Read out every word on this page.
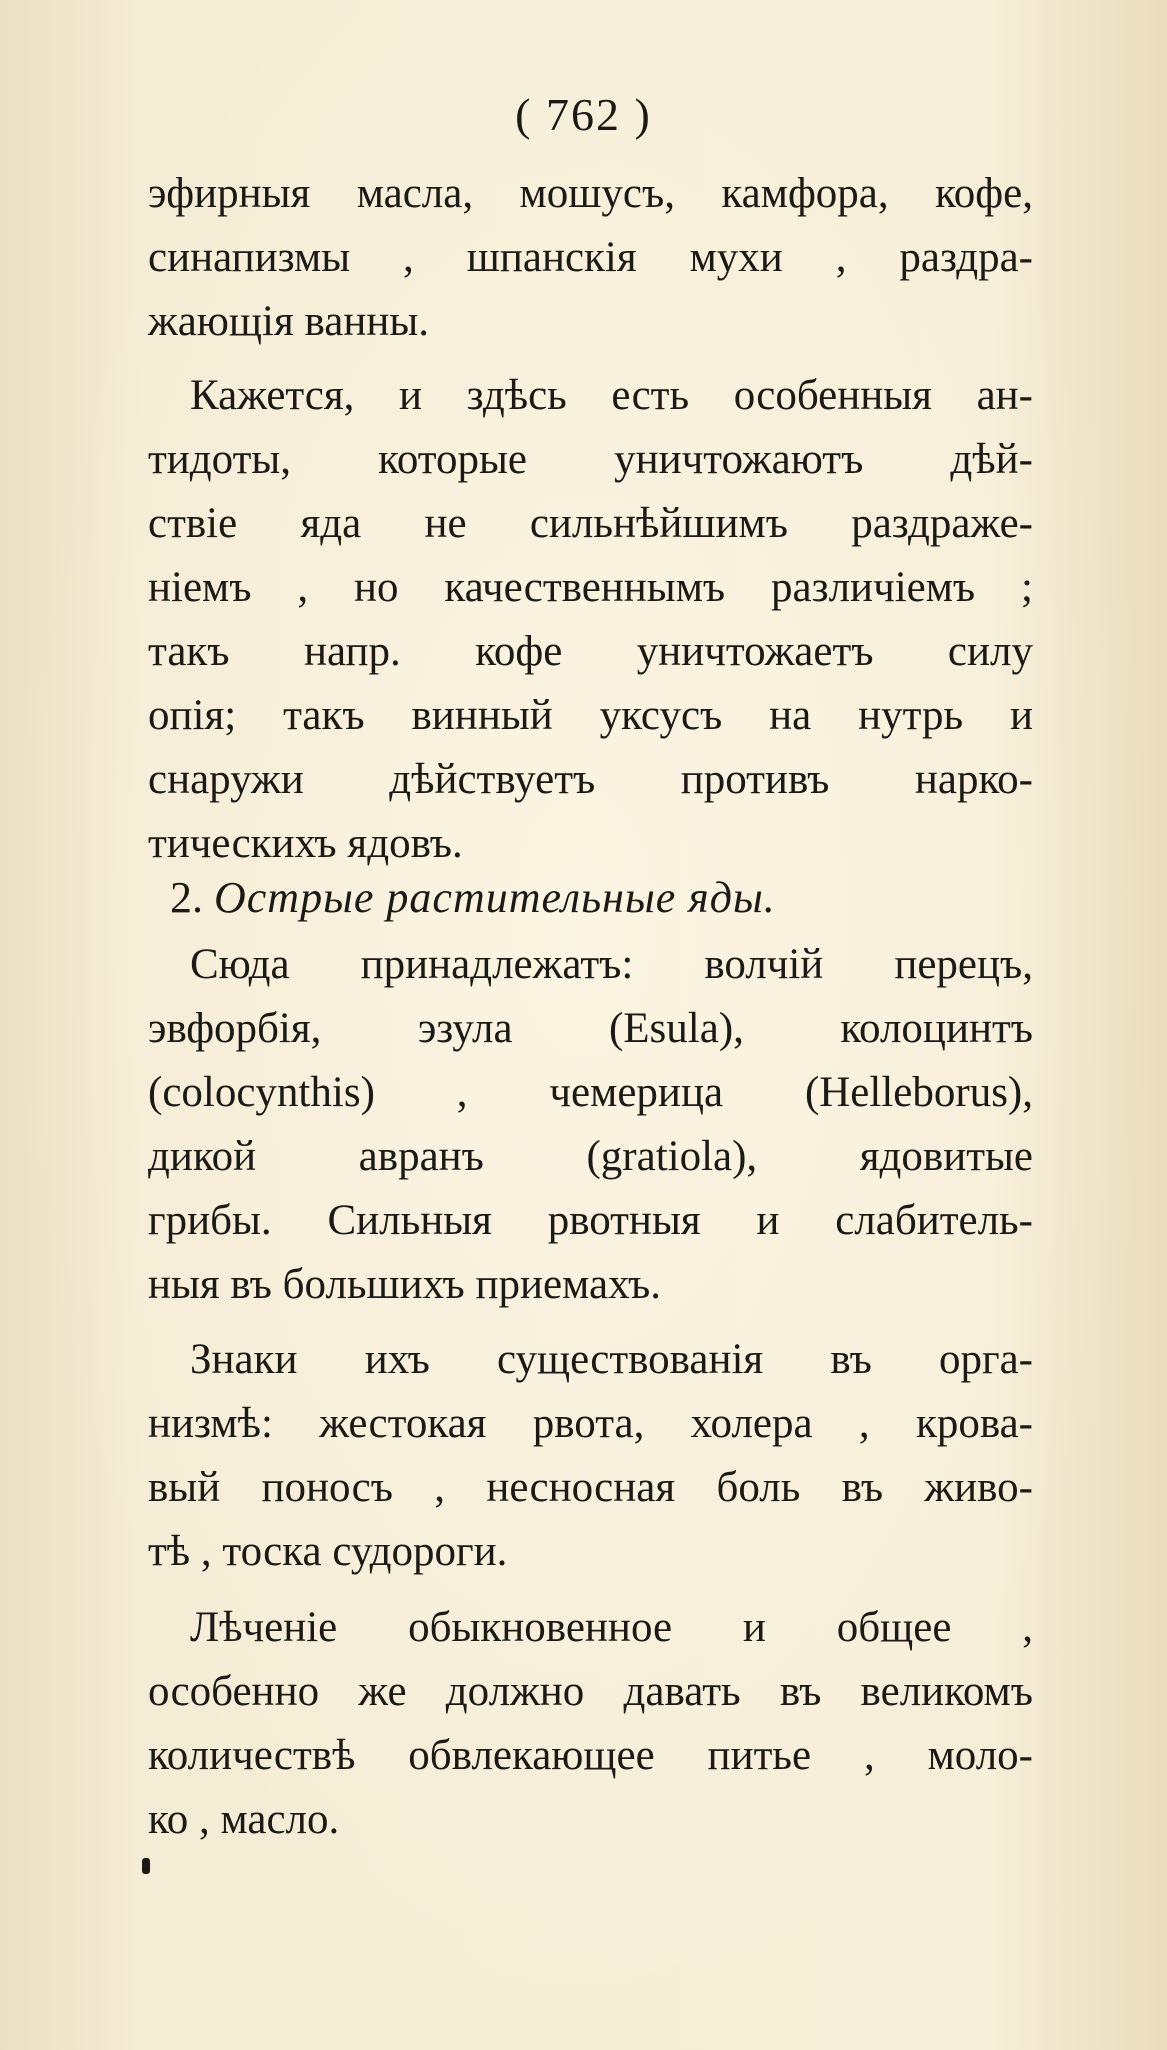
( 762 )
эфирныя масла, мошусъ, камфора, кофе,
синапизмы , шпанскія мухи , раздра-
жающія ванны.
Кажется, и здѣсь есть особенныя ан-
тидоты, которые уничтожаютъ дѣй-
ствіе яда не сильнѣйшимъ раздраже-
ніемъ , но качественнымъ различіемъ ;
такъ напр. кофе уничтожаетъ силу
опія; такъ винный уксусъ на нутрь и
снаружи дѣйствуетъ противъ нарко-
тическихъ ядовъ.
2. Острые растительные яды.
Сюда принадлежатъ: волчій перецъ,
эвфорбія, эзула (Esula), колоцинтъ
(colocynthis) , чемерица (Helleborus),
дикой авранъ (gratiola), ядовитые
грибы. Сильныя рвотныя и слабитель-
ныя въ большихъ приемахъ.
Знаки ихъ существованія въ орга-
низмѣ: жестокая рвота, холера , крова-
вый поносъ , несносная боль въ живо-
тѣ , тоска судороги.
Лѣченіе обыкновенное и общее ,
особенно же должно давать въ великомъ
количествѣ обвлекающее питье , моло-
ко , масло.
